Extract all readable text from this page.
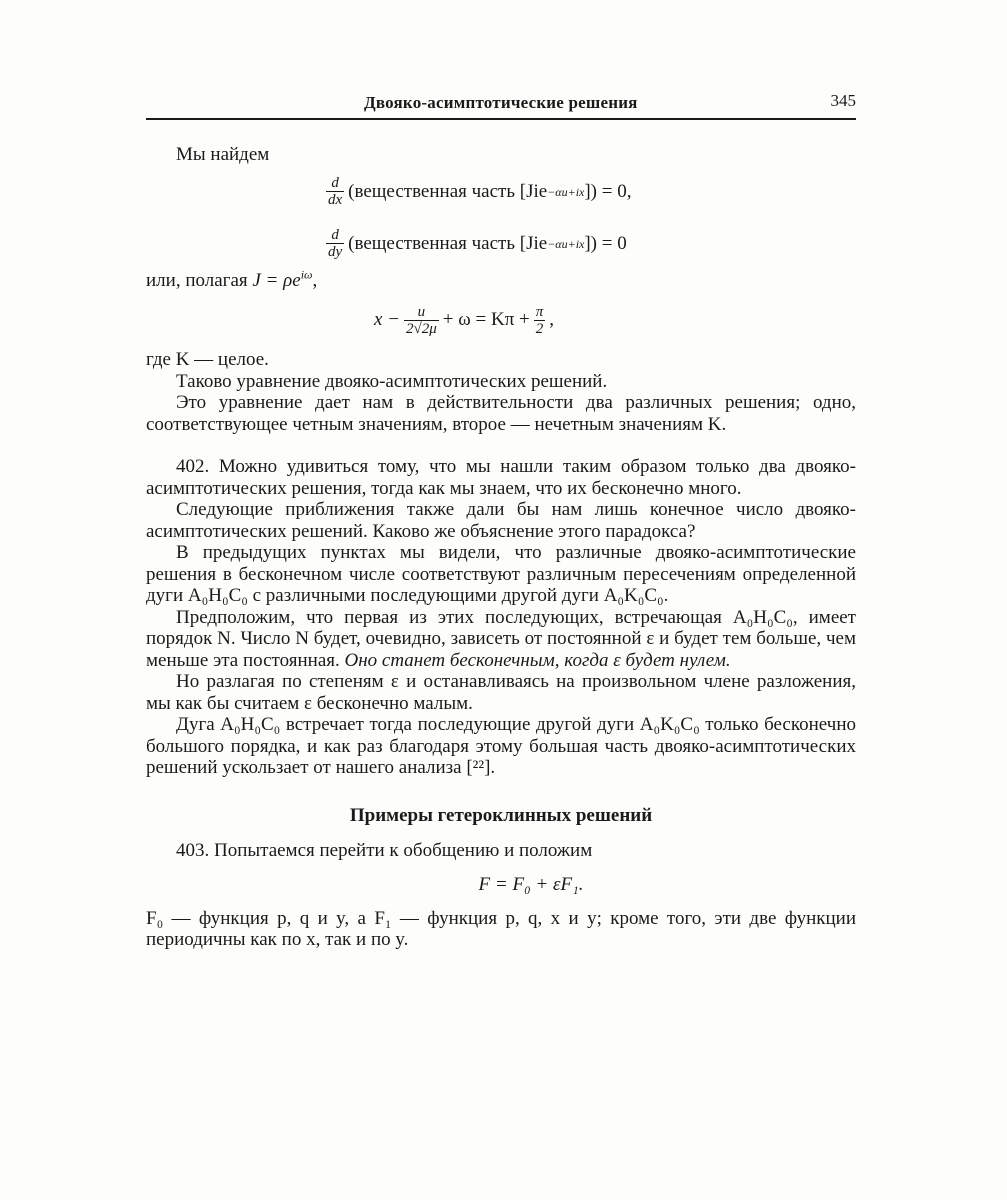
Двояко-асимптотические решения	345

Мы найдем

$\frac{d}{dx}$ (вещественная часть [Jie −αu+ix ]) = 0,
$\frac{d}{dy}$ (вещественная часть [Jie −αu+ix ]) = 0

или, полагая $J = \rho e^{i\omega}$,

$x - \frac{u}{2√2\mu} + \omega = K\pi + \frac{\pi}{2}$ ,

где K — целое.

Таково уравнение двояко-асимптотических решений.

Это уравнение дает нам в действительности два различных решения; одно, соответствующее четным значениям, второе — нечетным значениям K.

402. Можно удивиться тому, что мы нашли таким образом только два двояко-асимптотических решения, тогда как мы знаем, что их бесконечно много.

Следующие приближения также дали бы нам лишь конечное число двояко-асимптотических решений. Каково же объяснение этого парадокса?

В предыдущих пунктах мы видели, что различные двояко-асимптотические решения в бесконечном числе соответствуют различным пересечениям определенной дуги A₀H₀C₀ с различными последующими другой дуги A₀K₀C₀.

Предположим, что первая из этих последующих, встречающая A₀H₀C₀, имеет порядок N. Число N будет, очевидно, зависеть от постоянной ε и будет тем больше, чем меньше эта постоянная. Оно станет бесконечным, когда ε будет нулем.

Но разлагая по степеням ε и останавливаясь на произвольном члене разложения, мы как бы считаем ε бесконечно малым.

Дуга A₀H₀C₀ встречает тогда последующие другой дуги A₀K₀C₀ только бесконечно большого порядка, и как раз благодаря этому большая часть двояко-асимптотических решений ускользает от нашего анализа [²²].

Примеры гетероклинных решений

403. Попытаемся перейти к обобщению и положим

F = F₀ + εF₁.

F₀ — функция p, q и y, а F₁ — функция p, q, x и y; кроме того, эти две функции периодичны как по x, так и по y.
